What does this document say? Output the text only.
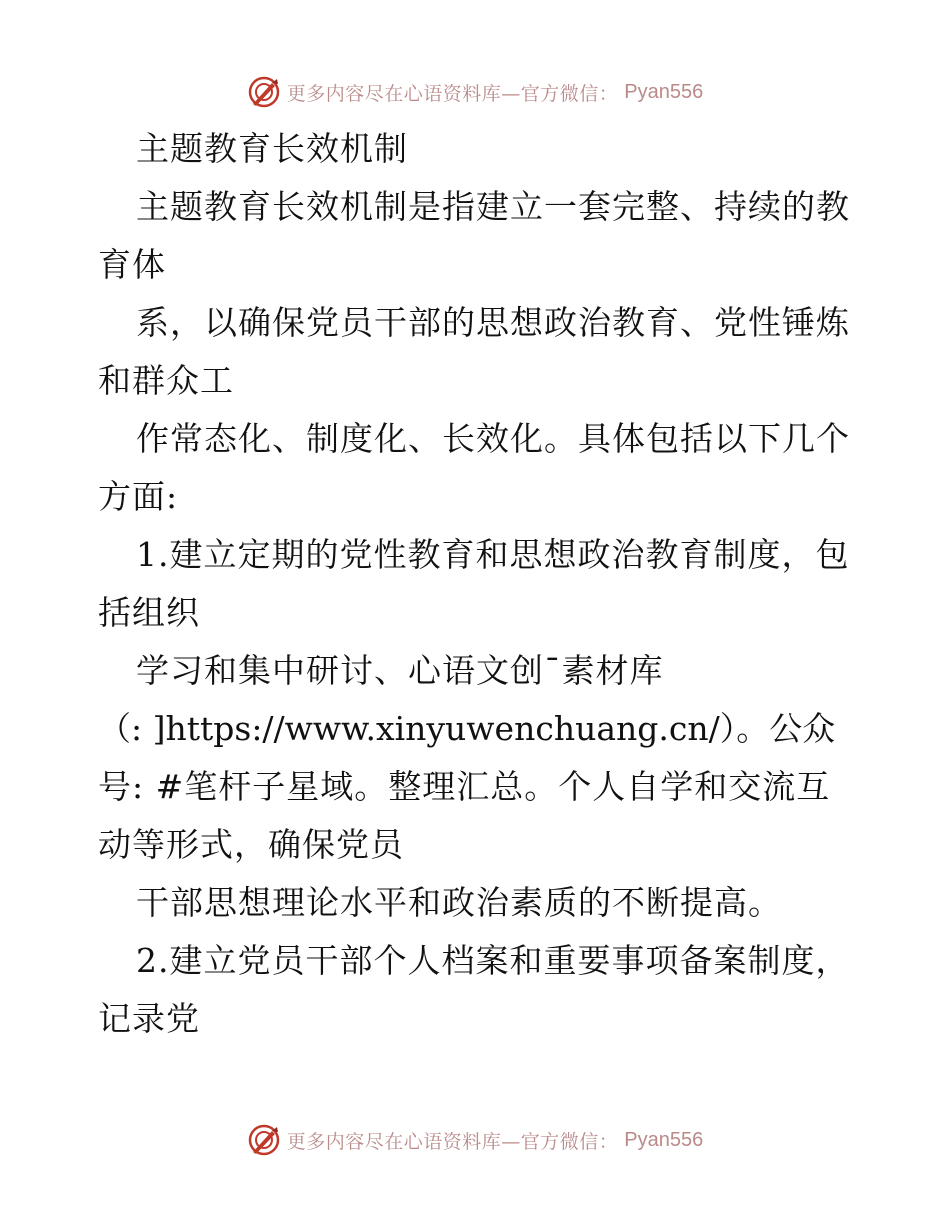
更多内容尽在心语资料库—官方微信： Pyan556
主题教育长效机制
主题教育长效机制是指建立一套完整、持续的教
育体
系，以确保党员干部的思想政治教育、党性锤炼
和群众工
作常态化、制度化、长效化。具体包括以下几个
方面:
1.建立定期的党性教育和思想政治教育制度，包
括组织
学习和集中研讨、心语文创¯素材库
（: ]https://www.xinyuwenchuang.cn/）。公众
号: #笔杆子星域。整理汇总。个人自学和交流互
动等形式，确保党员
干部思想理论水平和政治素质的不断提高。
2.建立党员干部个人档案和重要事项备案制度，
记录党
更多内容尽在心语资料库—官方微信： Pyan556
